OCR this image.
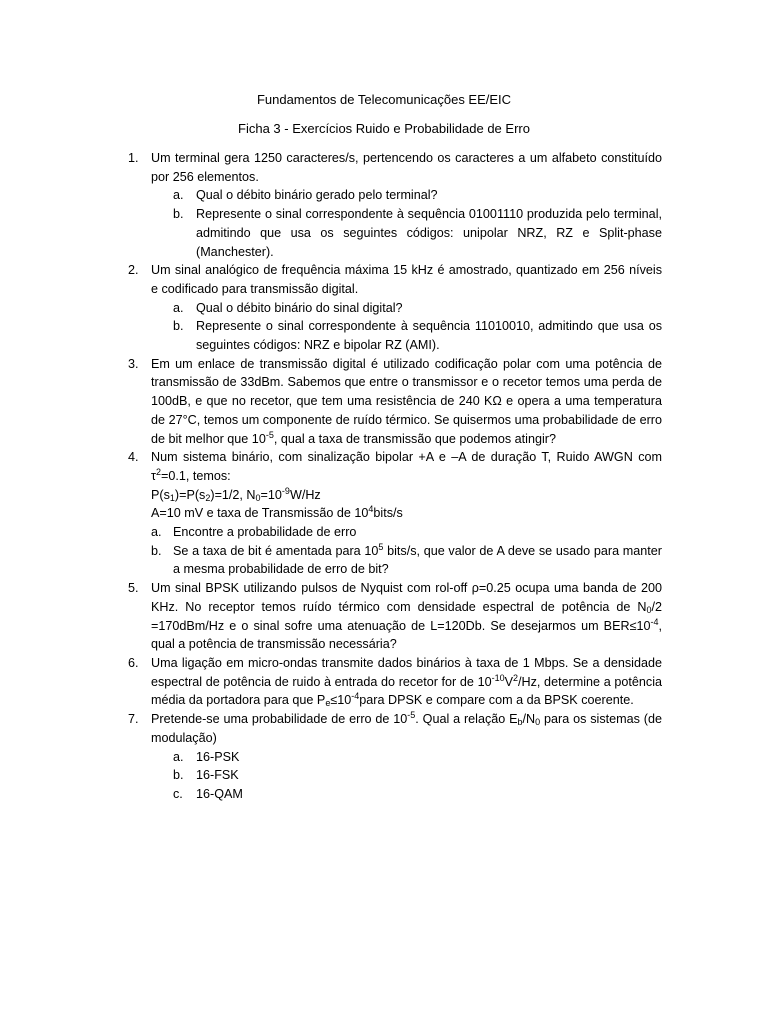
Fundamentos de Telecomunicações EE/EIC
Ficha 3 - Exercícios Ruido e Probabilidade de Erro
1. Um terminal gera 1250 caracteres/s, pertencendo os caracteres a um alfabeto constituído por 256 elementos.
a. Qual o débito binário gerado pelo terminal?
b. Represente o sinal correspondente à sequência 01001110 produzida pelo terminal, admitindo que usa os seguintes códigos: unipolar NRZ, RZ e Split-phase (Manchester).
2. Um sinal analógico de frequência máxima 15 kHz é amostrado, quantizado em 256 níveis e codificado para transmissão digital.
a. Qual o débito binário do sinal digital?
b. Represente o sinal correspondente à sequência 11010010, admitindo que usa os seguintes códigos: NRZ e bipolar RZ (AMI).
3. Em um enlace de transmissão digital é utilizado codificação polar com uma potência de transmissão de 33dBm. Sabemos que entre o transmissor e o recetor temos uma perda de 100dB, e que no recetor, que tem uma resistência de 240 KΩ e opera a uma temperatura de 27°C, temos um componente de ruído térmico. Se quisermos uma probabilidade de erro de bit melhor que $10^{-5}$, qual a taxa de transmissão que podemos atingir?
4. Num sistema binário, com sinalização bipolar +A e –A de duração T, Ruido AWGN com $\tau^2=0.1$, temos:
$P(s_1)=P(s_2)=1/2$, $N_0=10^{-9}W/Hz$
A=10 mV e taxa de Transmissão de $10^4bits/s$
a. Encontre a probabilidade de erro
b. Se a taxa de bit é amentada para $10^5$ bits/s, que valor de A deve se usado para manter a mesma probabilidade de erro de bit?
5. Um sinal BPSK utilizando pulsos de Nyquist com rol-off ρ=0.25 ocupa uma banda de 200 KHz. No receptor temos ruído térmico com densidade espectral de potência de $N_0/2 =170dBm/Hz$ e o sinal sofre uma atenuação de L=120Db. Se desejarmos um $BER\le 10^{-4}$, qual a potência de transmissão necessária?
6. Uma ligação em micro-ondas transmite dados binários à taxa de 1 Mbps. Se a densidade espectral de potência de ruido à entrada do recetor for de $10^{-10}V^2/Hz$, determine a potência média da portadora para que $P_e\le 10^{-4}para$ DPSK e compare com a da BPSK coerente.
7. Pretende-se uma probabilidade de erro de $10^{-5}$. Qual a relação $E_b/N_0$ para os sistemas (de modulação)
a. 16-PSK
b. 16-FSK
c.	16-QAM
